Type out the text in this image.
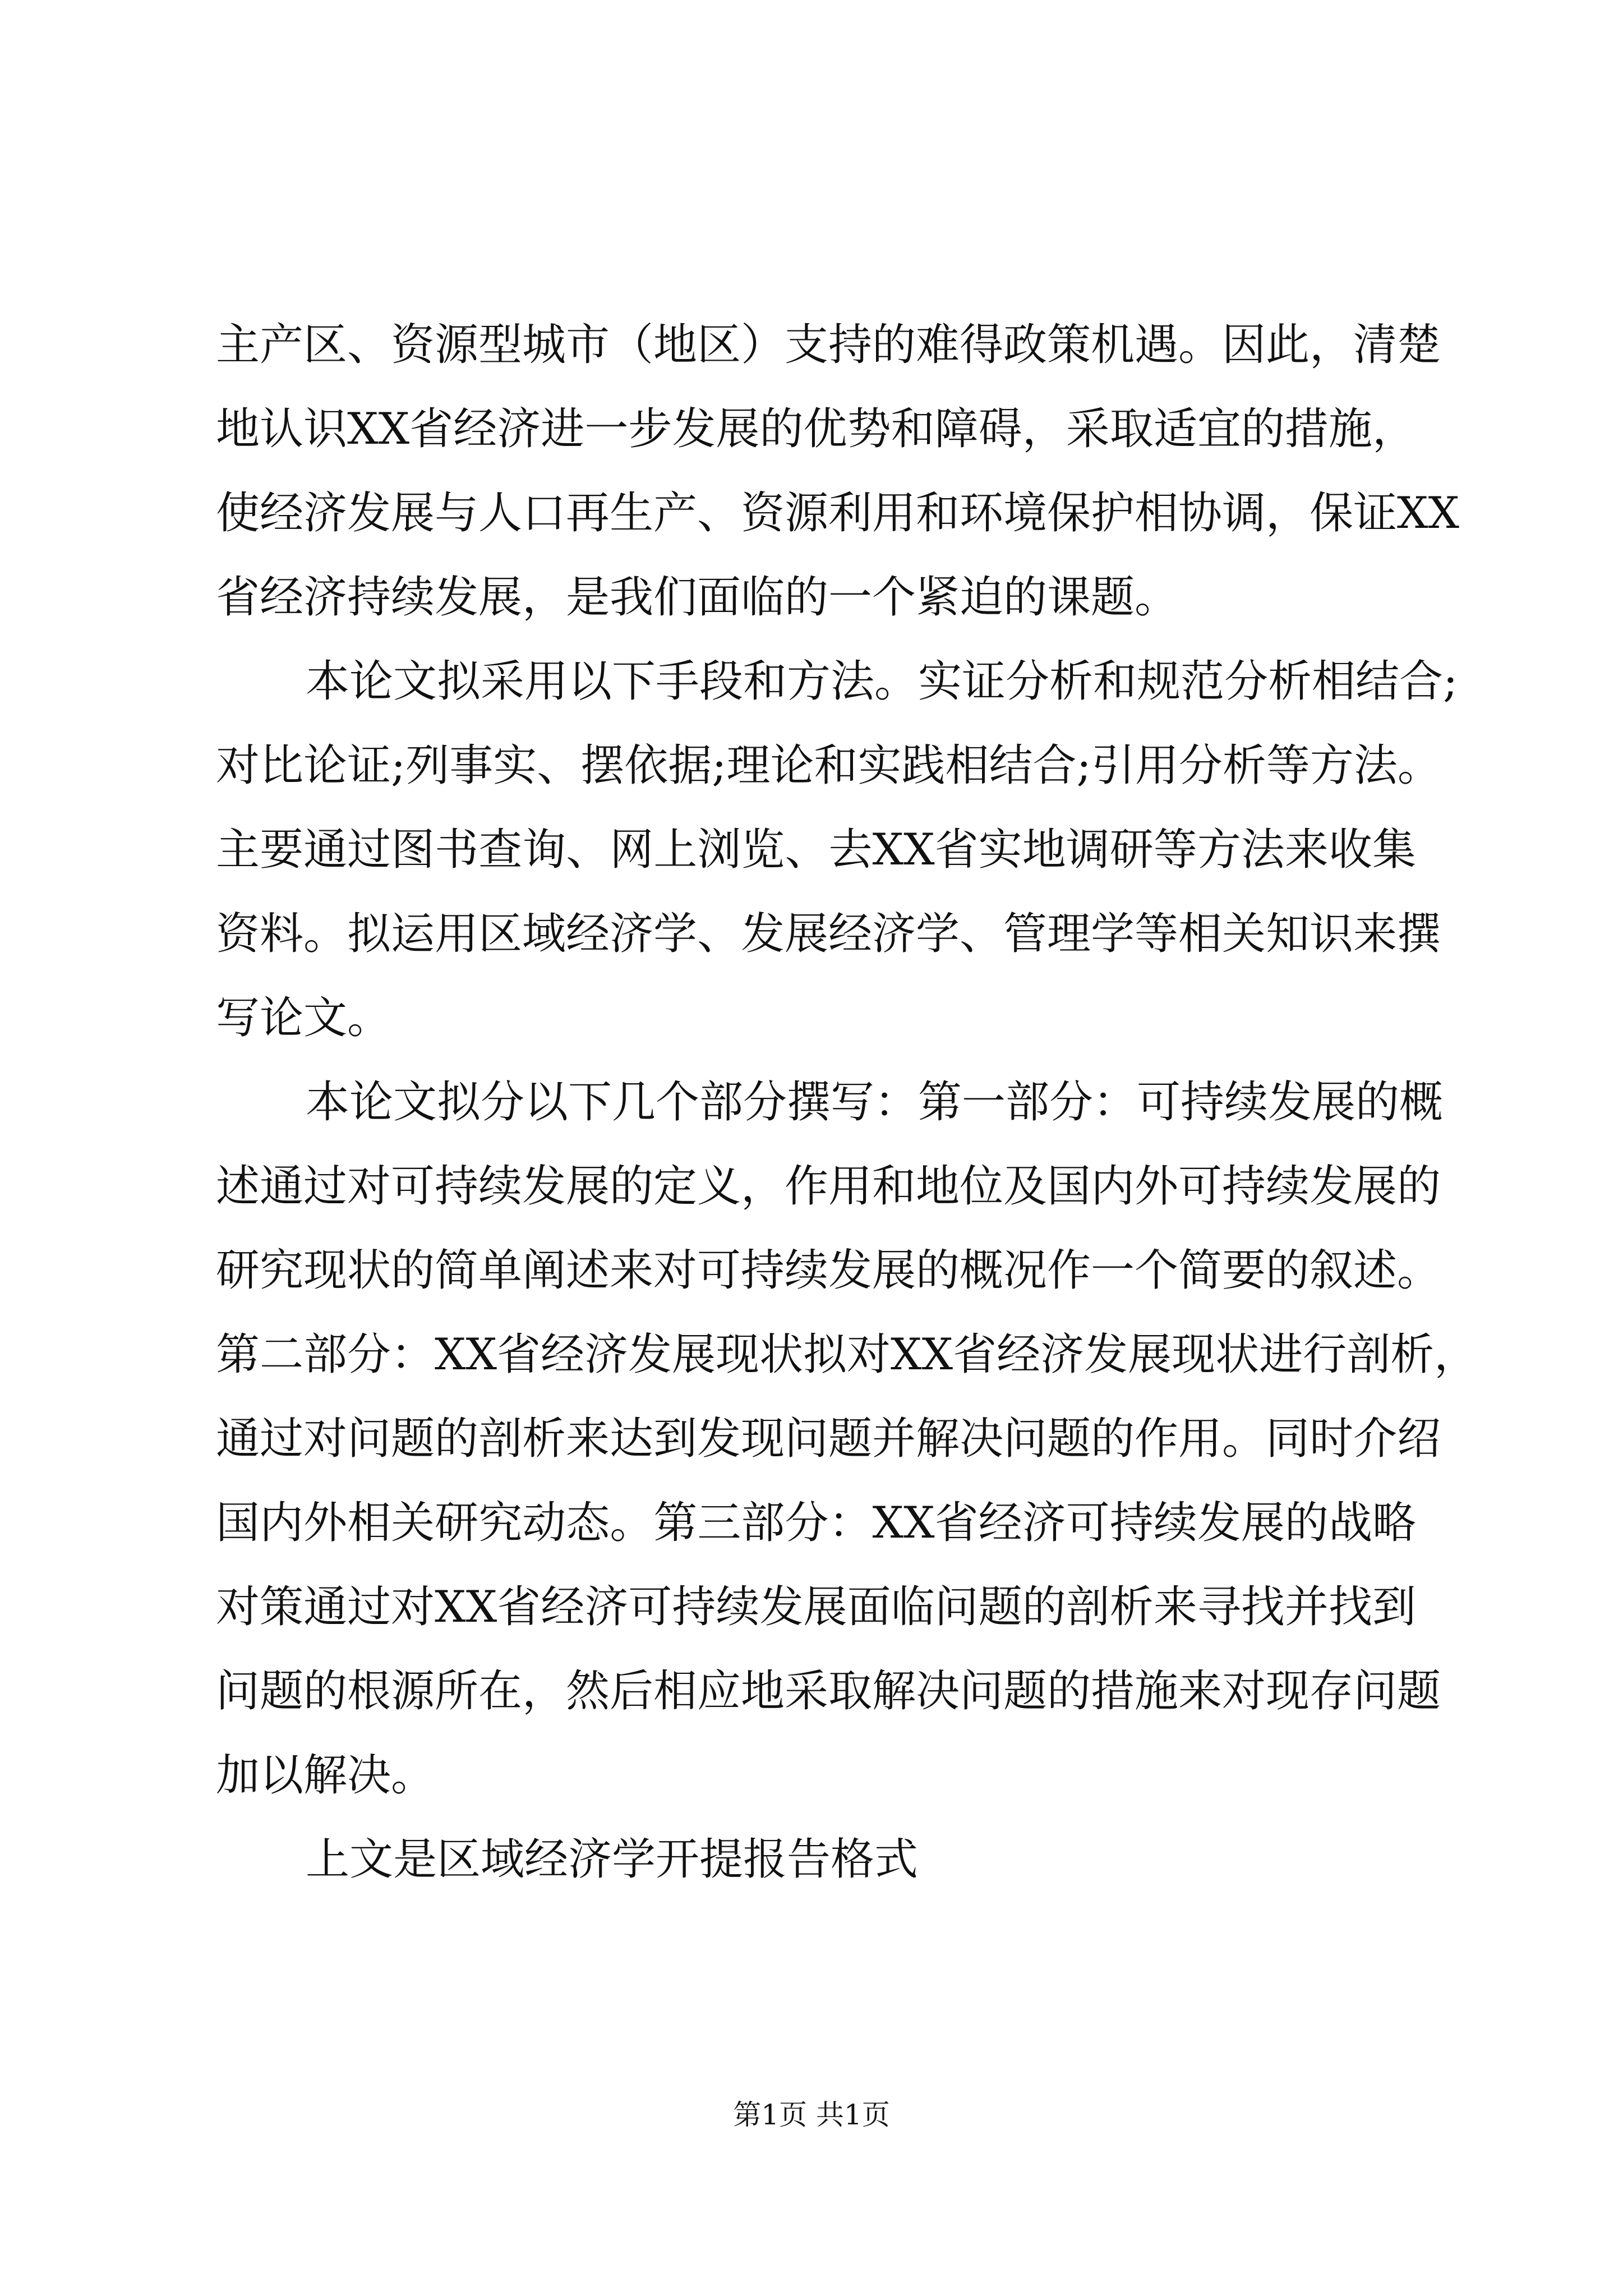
主产区、资源型城市（地区）支持的难得政策机遇。因此，清楚
地认识XX省经济进一步发展的优势和障碍，采取适宜的措施，
使经济发展与人口再生产、资源利用和环境保护相协调，保证XX
省经济持续发展，是我们面临的一个紧迫的课题。

本论文拟采用以下手段和方法。实证分析和规范分析相结合;
对比论证;列事实、摆依据;理论和实践相结合;引用分析等方法。
主要通过图书查询、网上浏览、去XX省实地调研等方法来收集
资料。拟运用区域经济学、发展经济学、管理学等相关知识来撰
写论文。

本论文拟分以下几个部分撰写：第一部分：可持续发展的概
述通过对可持续发展的定义，作用和地位及国内外可持续发展的
研究现状的简单阐述来对可持续发展的概况作一个简要的叙述。
第二部分：XX省经济发展现状拟对XX省经济发展现状进行剖析，
通过对问题的剖析来达到发现问题并解决问题的作用。同时介绍
国内外相关研究动态。第三部分：XX省经济可持续发展的战略
对策通过对XX省经济可持续发展面临问题的剖析来寻找并找到
问题的根源所在，然后相应地采取解决问题的措施来对现存问题
加以解决。

上文是区域经济学开提报告格式

第1页 共1页
